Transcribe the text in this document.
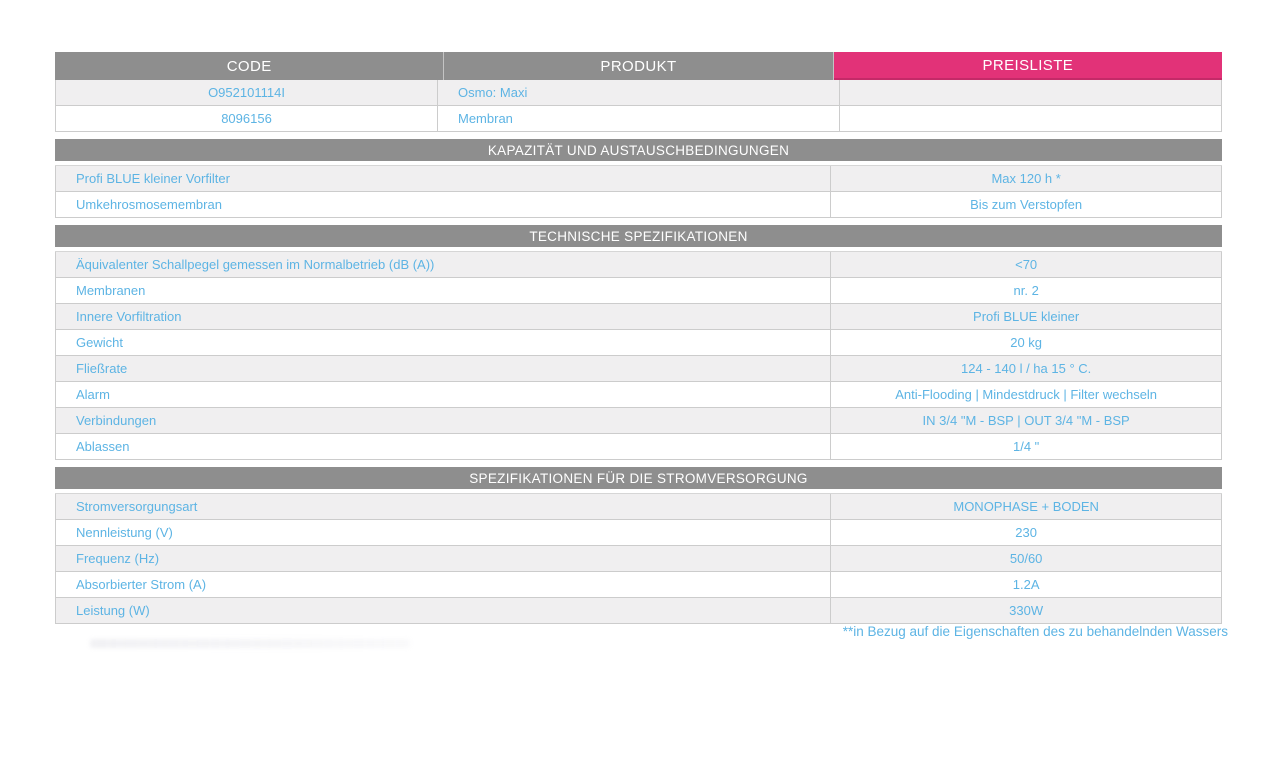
CODE	PRODUKT	PREISLISTE
O952101114I	Osmo: Maxi
8096156	Membran
KAPAZITÄT UND AUSTAUSCHBEDINGUNGEN
Profi BLUE kleiner Vorfilter	Max 120 h *
Umkehrosmosemembran	Bis zum Verstopfen
TECHNISCHE SPEZIFIKATIONEN
Äquivalenter Schallpegel gemessen im Normalbetrieb (dB (A))	<70
Membranen	nr. 2
Innere Vorfiltration	Profi BLUE kleiner
Gewicht	20 kg
Fließrate	124 - 140 l / ha 15 ° C.
Alarm	Anti-Flooding | Mindestdruck | Filter wechseln
Verbindungen	IN 3/4 "M - BSP | OUT 3/4 "M - BSP
Ablassen	1/4 "
SPEZIFIKATIONEN FÜR DIE STROMVERSORGUNG
Stromversorgungsart	MONOPHASE + BODEN
Nennleistung (V)	230
Frequenz (Hz)	50/60
Absorbierter Strom (A)	1.2A
Leistung (W)	330W
**in Bezug auf die Eigenschaften des zu behandelnden Wassers
